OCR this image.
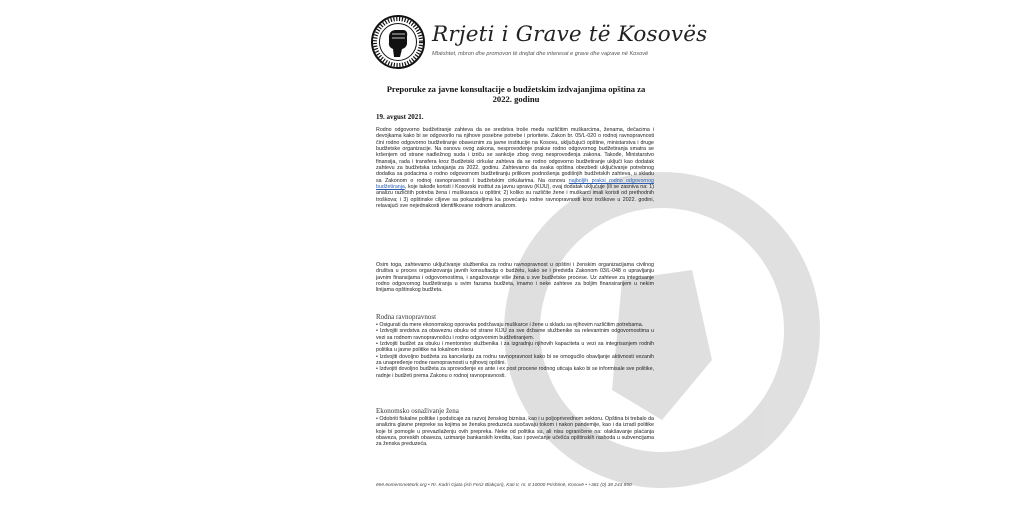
Rrjeti i Grave të Kosovës
Mbështet, mbron dhe promovon të drejtat dhe interesat e grave dhe vajzave në Kosovë
Preporuke za javne konsultacije o budžetskim izdvajanjima opština za 2022. godinu
19. avgust 2021.
Rodno odgovorno budžetiranje zahteva da se sredstva troše među različitim muškarcima, ženama, dečacima i devojkama kako bi se odgovorilo na njihove posebne potrebe i prioritete. Zakon br. 05/L-020 o rodnoj ravnopravnosti čini rodno odgovorno budžetiranje obaveznim za javne institucije na Kosovu, uključujući opštine, ministarstva i druge budžetske organizacije. Na osnovu ovog zakona, nesprovođenje prakse rodno odgovornog budžetiranja smatra se kršenjem od strane nadležnog suda i izriču se sankcije zbog ovog nesprovođenja zakona. Takođe, Ministarstvo finansija, rada i transfera kroz Budžetski cirkular zahteva da se rodno odgovorno budžetiranje uključi kao dodatak zahtevu za budžetska izdvajanja za 2022. godinu. Zahtevamo da svaka opština obezbedi uključivanje potrebnog dodatka sa podacima o rodno odgovornom budžetiranju prilikom podnošenja godišnjih budžetskih zahteva, u skladu sa Zakonom o rodnoj ravnopravnosti i budžetskim cirkularima. Na osnovu najboljih praksi rodno odgovornog budžetiranja, koje takođe koristi i Kosovski institut za javnu upravu (KIJU), ovaj dodatak uključuje (ili se zasniva na: 1) analizu različitih potreba žena i muškaraca u opštini; 2) koliko su različite žene i muškarci imali koristi od prethodnih troškova; i 3) opštinske ciljeve sa pokazateljima ka povećanju rodne ravnopravnosti kroz troškove u 2022. godini, relavajući sve nejednakosti identifikovane rodnom analizom.
Osim toga, zahtevamo uključivanje službenika za rodnu ravnopravnost u opštini i ženskim organizacijama civilnog društva u proces organizovanja javnih konsultacija o budžetu, kako se i predviđa Zakonom 03/L-048 o upravljanju javnim finansijama i odgovornostima, i angažovanje više žena u sve budžetske procese. Uz zahteve za integrisanje rodno odgovornog budžetiranja u svim fazama budžeta, imamo i neke zahteve za boljim finansiranjem u nekim linijama opštinskog budžeta.
Rodna ravnopravnost
• Osigurati da mere ekonomskog oporavka podržavaju muškarce i žene u skladu sa njihovim različitim potrebama.
• Izdvojiti sredstva za obaveznu obuku od strane KIJU za sve državne službenike sa relevantnim odgovornostima u vezi sa rodnom ravnopravnošću i rodno odgovornim budžetiranjem.
• Izdvojiti budžet za obuku i mentorstvo službenika i za izgradnju njihovih kapaciteta u vezi sa integrisanjem rodnih politika u javne politike na lokalnom nivou
• Izdvojiti dovoljno budžeta za kancelariju za rodnu ravnopravnost kako bi se omogućilo obavljanje aktivnosti vezanih za unapređenje rodne ravnopravnosti u njihovoj opštini.
• Izdvojiti dovoljno budžeta za sprovođenje ex ante i ex post procene rodnog uticaja kako bi se informisale sve politike, radnje i budžeti prema Zakonu o rodnoj ravnopravnosti.
Ekonomsko osnaživanje žena
• Odobriti fiskalne politike i podsticaje za razvoj ženskog biznisa, kao i u poljoprivrednom sektoru. Opština bi trebalo da analizira glavne prepreke sa kojima se ženska preduzeća suočavaju tokom i nakon pandemije, kao i da izradi politike koje bi pomogle u prevazilaženju ovih prepreka. Neke od politika su, ali nisu ograničene na: olakšavanje plaćanja obaveza, poreskih obaveza, uzimanje bankarskih kredita, kao i povećanje učešća opštinskih rashoda u subvencijama za ženska preduzeća.
ëëë.ëomensnetëork.org • Rr. Kadri Gjata (ish Feriz Blakçori), Kati II, nr. 8 10000 Prishtinë, Kosovë • +381 (0) 38 243 850
